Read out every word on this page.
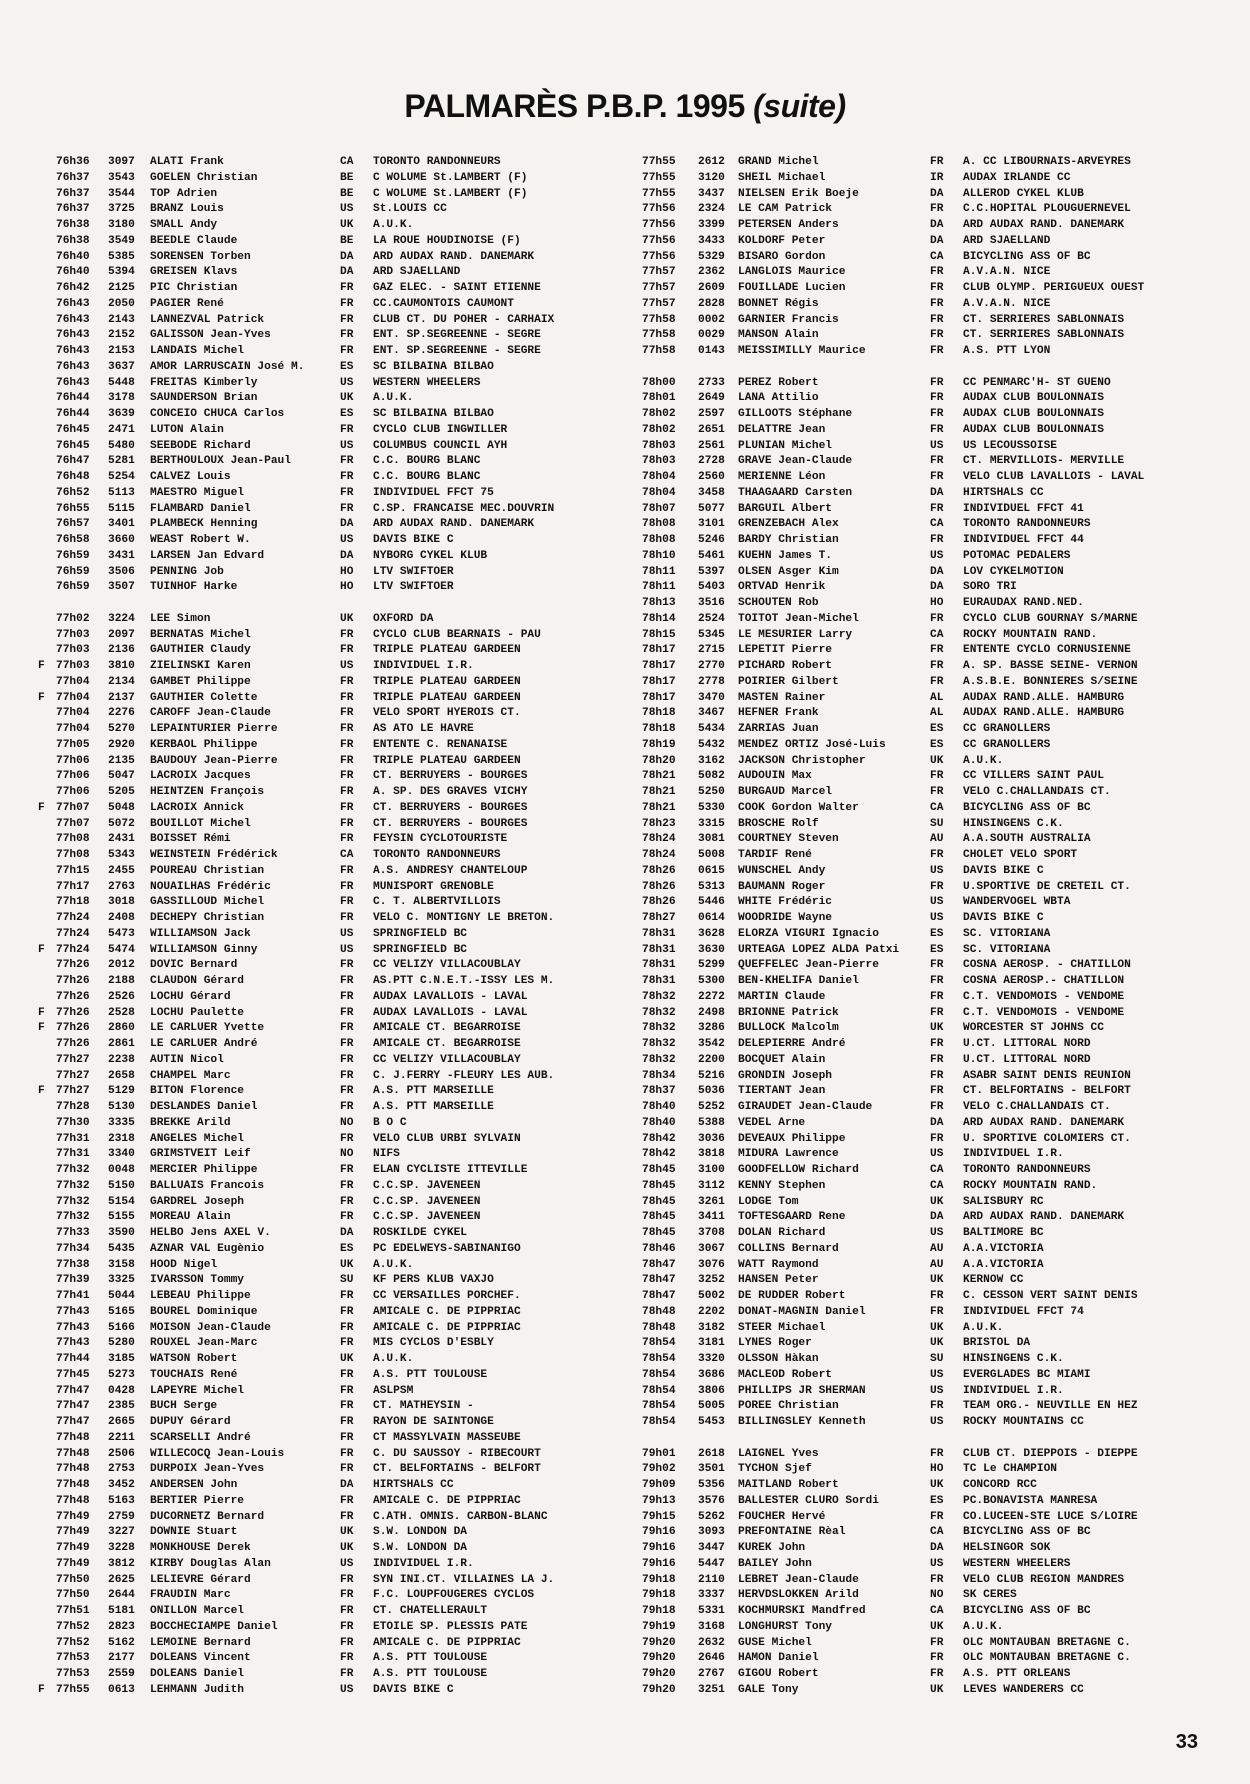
PALMARÈS P.B.P. 1995 (suite)
76h36 3097 ALATI Frank	CA TORONTO RANDONNEURS
76h37 3543 GOELEN Christian	BE C WOLUME St.LAMBERT (F)
76h37 3544 TOP Adrien	BE C WOLUME St.LAMBERT (F)
76h37 3725 BRANZ Louis	US St.LOUIS CC
76h38 3180 SMALL Andy	UK A.U.K.
76h38 3549 BEEDLE Claude	BE LA ROUE HOUDINOISE (F)
76h40 5385 SORENSEN Torben	DA ARD AUDAX RAND. DANEMARK
76h40 5394 GREISEN Klavs	DA ARD SJAELLAND
76h42 2125 PIC Christian	FR GAZ ELEC. - SAINT ETIENNE
76h43 2050 PAGIER René	FR CC.CAUMONTOIS CAUMONT
76h43 2143 LANNEZVAL Patrick	FR CLUB CT. DU POHER - CARHAIX
76h43 2152 GALISSON Jean-Yves	FR ENT. SP.SEGREENNE - SEGRE
76h43 2153 LANDAIS Michel	FR ENT. SP.SEGREENNE - SEGRE
76h43 3637 AMOR LARRUSCAIN José M.	ES SC BILBAINA BILBAO
76h43 5448 FREITAS Kimberly	US WESTERN WHEELERS
76h44 3178 SAUNDERSON Brian	UK A.U.K.
76h44 3639 CONCEIO CHUCA Carlos	ES SC BILBAINA BILBAO
76h45 2471 LUTON Alain	FR CYCLO CLUB INGWILLER
76h45 5480 SEEBODE Richard	US COLUMBUS COUNCIL AYH
76h47 5281 BERTHOULOUX Jean-Paul	FR C.C. BOURG BLANC
76h48 5254 CALVEZ Louis	FR C.C. BOURG BLANC
76h52 5113 MAESTRO Miguel	FR INDIVIDUEL FFCT 75
76h55 5115 FLAMBARD Daniel	FR C.SP. FRANCAISE MEC.DOUVRIN
76h57 3401 PLAMBECK Henning	DA ARD AUDAX RAND. DANEMARK
76h58 3660 WEAST Robert W.	US DAVIS BIKE C
76h59 3431 LARSEN Jan Edvard	DA NYBORG CYKEL KLUB
76h59 3506 PENNING Job	HO LTV SWIFTOER
76h59 3507 TUINHOF Harke	HO LTV SWIFTOER
77h02 3224 LEE Simon	UK OXFORD DA
77h03 2097 BERNATAS Michel	FR CYCLO CLUB BEARNAIS - PAU
77h03 2136 GAUTHIER Claudy	FR TRIPLE PLATEAU GARDEEN
F 77h03 3810 ZIELINSKI Karen	US INDIVIDUEL I.R.
77h04 2134 GAMBET Philippe	FR TRIPLE PLATEAU GARDEEN
F 77h04 2137 GAUTHIER Colette	FR TRIPLE PLATEAU GARDEEN
77h04 2276 CAROFF Jean-Claude	FR VELO SPORT HYEROIS CT.
77h04 5270 LEPAINTURIER Pierre	FR AS ATO LE HAVRE
77h05 2920 KERBAOL Philippe	FR ENTENTE C. RENANAISE
77h06 2135 BAUDOUY Jean-Pierre	FR TRIPLE PLATEAU GARDEEN
77h06 5047 LACROIX Jacques	FR CT. BERRUYERS - BOURGES
77h06 5205 HEINTZEN François	FR A. SP. DES GRAVES VICHY
F 77h07 5048 LACROIX Annick	FR CT. BERRUYERS - BOURGES
77h07 5072 BOUILLOT Michel	FR CT. BERRUYERS - BOURGES
77h08 2431 BOISSET Rémi	FR FEYSIN CYCLOTOURISTE
77h08 5343 WEINSTEIN Frédérick	CA TORONTO RANDONNEURS
77h15 2455 POUREAU Christian	FR A.S. ANDRESY CHANTELOUP
77h17 2763 NOUAILHAS Frédéric	FR MUNISPORT GRENOBLE
77h18 3018 GASSILLOUD Michel	FR C. T. ALBERTVILLOIS
77h24 2408 DECHEPY Christian	FR VELO C. MONTIGNY LE BRETON.
77h24 5473 WILLIAMSON Jack	US SPRINGFIELD BC
F 77h24 5474 WILLIAMSON Ginny	US SPRINGFIELD BC
77h26 2012 DOVIC Bernard	FR CC VELIZY VILLACOUBLAY
77h26 2188 CLAUDON Gérard	FR AS.PTT C.N.E.T.-ISSY LES M.
77h26 2526 LOCHU Gérard	FR AUDAX LAVALLOIS - LAVAL
F 77h26 2528 LOCHU Paulette	FR AUDAX LAVALLOIS - LAVAL
F 77h26 2860 LE CARLUER Yvette	FR AMICALE CT. BEGARROISE
77h26 2861 LE CARLUER André	FR AMICALE CT. BEGARROISE
77h27 2238 AUTIN Nicol	FR CC VELIZY VILLACOUBLAY
77h27 2658 CHAMPEL Marc	FR C. J.FERRY -FLEURY LES AUB.
F 77h27 5129 BITON Florence	FR A.S. PTT MARSEILLE
77h28 5130 DESLANDES Daniel	FR A.S. PTT MARSEILLE
77h30 3335 BREKKE Arild	NO B O C
77h31 2318 ANGELES Michel	FR VELO CLUB URBI SYLVAIN
77h31 3340 GRIMSTVEIT Leif	NO NIFS
77h32 0048 MERCIER Philippe	FR ELAN CYCLISTE ITTEVILLE
77h32 5150 BALLUAIS Francois	FR C.C.SP. JAVENEEN
77h32 5154 GARDREL Joseph	FR C.C.SP. JAVENEEN
77h32 5155 MOREAU Alain	FR C.C.SP. JAVENEEN
77h33 3590 HELBO Jens AXEL V.	DA ROSKILDE CYKEL
77h34 5435 AZNAR VAL Eugènio	ES PC EDELWEYS-SABINANIGO
77h38 3158 HOOD Nigel	UK A.U.K.
77h39 3325 IVARSSON Tommy	SU KF PERS KLUB VAXJO
77h41 5044 LEBEAU Philippe	FR CC VERSAILLES PORCHEF.
77h43 5165 BOUREL Dominique	FR AMICALE C. DE PIPPRIAC
77h43 5166 MOISON Jean-Claude	FR AMICALE C. DE PIPPRIAC
77h43 5280 ROUXEL Jean-Marc	FR MIS CYCLOS D'ESBLY
77h44 3185 WATSON Robert	UK A.U.K.
77h45 5273 TOUCHAIS René	FR A.S. PTT TOULOUSE
77h47 0428 LAPEYRE Michel	FR ASLPSM
77h47 2385 BUCH Serge	FR CT. MATHEYSIN -
77h47 2665 DUPUY Gérard	FR RAYON DE SAINTONGE
77h48 2211 SCARSELLI André	FR CT MASSYLVAIN MASSEUBE
77h48 2506 WILLECOCQ Jean-Louis	FR C. DU SAUSSOY - RIBECOURT
77h48 2753 DURPOIX Jean-Yves	FR CT. BELFORTAINS - BELFORT
77h48 3452 ANDERSEN John	DA HIRTSHALS CC
77h48 5163 BERTIER Pierre	FR AMICALE C. DE PIPPRIAC
77h49 2759 DUCORNETZ Bernard	FR C.ATH. OMNIS. CARBON-BLANC
77h49 3227 DOWNIE Stuart	UK S.W. LONDON DA
77h49 3228 MONKHOUSE Derek	UK S.W. LONDON DA
77h49 3812 KIRBY Douglas Alan	US INDIVIDUEL I.R.
77h50 2625 LELIEVRE Gérard	FR SYN INI.CT. VILLAINES LA J.
77h50 2644 FRAUDIN Marc	FR F.C. LOUPFOUGERES CYCLOS
77h51 5181 ONILLON Marcel	FR CT. CHATELLERAULT
77h52 2823 BOCCHECIAMPE Daniel	FR ETOILE SP. PLESSIS PATE
77h52 5162 LEMOINE Bernard	FR AMICALE C. DE PIPPRIAC
77h53 2177 DOLEANS Vincent	FR A.S. PTT TOULOUSE
77h53 2559 DOLEANS Daniel	FR A.S. PTT TOULOUSE
F 77h55 0613 LEHMANN Judith	US DAVIS BIKE C
77h55 2612 GRAND Michel	FR A. CC LIBOURNAIS-ARVEYRES
77h55 3120 SHEIL Michael	IR AUDAX IRLANDE CC
77h55 3437 NIELSEN Erik Boeje	DA ALLEROD CYKEL KLUB
77h56 2324 LE CAM Patrick	FR C.C.HOPITAL PLOUGUERNEVEL
77h56 3399 PETERSEN Anders	DA ARD AUDAX RAND. DANEMARK
77h56 3433 KOLDORF Peter	DA ARD SJAELLAND
77h56 5329 BISARO Gordon	CA BICYCLING ASS OF BC
77h57 2362 LANGLOIS Maurice	FR A.V.A.N. NICE
77h57 2609 FOUILLADE Lucien	FR CLUB OLYMP. PERIGUEUX OUEST
77h57 2828 BONNET Régis	FR A.V.A.N. NICE
77h58 0002 GARNIER Francis	FR CT. SERRIERES SABLONNAIS
77h58 0029 MANSON Alain	FR CT. SERRIERES SABLONNAIS
77h58 0143 MEISSIMILLY Maurice	FR A.S. PTT LYON
78h00 2733 PEREZ Robert	FR CC PENMARC'H- ST GUENO
78h01 2649 LANA Attilio	FR AUDAX CLUB BOULONNAIS
78h02 2597 GILLOOTS Stéphane	FR AUDAX CLUB BOULONNAIS
78h02 2651 DELATTRE Jean	FR AUDAX CLUB BOULONNAIS
78h03 2561 PLUNIAN Michel	US US LECOUSSOISE
78h03 2728 GRAVE Jean-Claude	FR CT. MERVILLOIS- MERVILLE
78h04 2560 MERIENNE Léon	FR VELO CLUB LAVALLOIS - LAVAL
78h04 3458 THAAGAARD Carsten	DA HIRTSHALS CC
78h07 5077 BARGUIL Albert	FR INDIVIDUEL FFCT 41
78h08 3101 GRENZEBACH Alex	CA TORONTO RANDONNEURS
78h08 5246 BARDY Christian	FR INDIVIDUEL FFCT 44
78h10 5461 KUEHN James T.	US POTOMAC PEDALERS
78h11 5397 OLSEN Asger Kim	DA LOV CYKELMOTION
78h11 5403 ORTVAD Henrik	DA SORO TRI
78h13 3516 SCHOUTEN Rob	HO EURAUDAX RAND.NED.
78h14 2524 TOITOT Jean-Michel	FR CYCLO CLUB GOURNAY S/MARNE
78h15 5345 LE MESURIER Larry	CA ROCKY MOUNTAIN RAND.
78h17 2715 LEPETIT Pierre	FR ENTENTE CYCLO CORNUSIENNE
78h17 2770 PICHARD Robert	FR A. SP. BASSE SEINE- VERNON
78h17 2778 POIRIER Gilbert	FR A.S.B.E. BONNIERES S/SEINE
78h17 3470 MASTEN Rainer	AL AUDAX RAND.ALLE. HAMBURG
78h18 3467 HEFNER Frank	AL AUDAX RAND.ALLE. HAMBURG
78h18 5434 ZARRIAS Juan	ES CC GRANOLLERS
78h19 5432 MENDEZ ORTIZ José-Luis	ES CC GRANOLLERS
78h20 3162 JACKSON Christopher	UK A.U.K.
78h21 5082 AUDOUIN Max	FR CC VILLERS SAINT PAUL
78h21 5250 BURGAUD Marcel	FR VELO C.CHALLANDAIS CT.
78h21 5330 COOK Gordon Walter	CA BICYCLING ASS OF BC
78h23 3315 BROSCHE Rolf	SU HINSINGENS C.K.
78h24 3081 COURTNEY Steven	AU A.A.SOUTH AUSTRALIA
78h24 5008 TARDIF René	FR CHOLET VELO SPORT
78h26 0615 WUNSCHEL Andy	US DAVIS BIKE C
78h26 5313 BAUMANN Roger	FR U.SPORTIVE DE CRETEIL CT.
78h26 5446 WHITE Frédéric	US WANDERVOGEL WBTA
78h27 0614 WOODRIDE Wayne	US DAVIS BIKE C
78h31 3628 ELORZA VIGURI Ignacio	ES SC. VITORIANA
78h31 3630 URTEAGA LOPEZ ALDA Patxi	ES SC. VITORIANA
78h31 5299 QUEFFELEC Jean-Pierre	FR COSNA AEROSP. - CHATILLON
78h31 5300 BEN-KHELIFA Daniel	FR COSNA AEROSP.- CHATILLON
78h32 2272 MARTIN Claude	FR C.T. VENDOMOIS - VENDOME
78h32 2498 BRIONNE Patrick	FR C.T. VENDOMOIS - VENDOME
78h32 3286 BULLOCK Malcolm	UK WORCESTER ST JOHNS CC
78h32 3542 DELEPIERRE André	FR U.CT. LITTORAL NORD
78h32 2200 BOCQUET Alain	FR U.CT. LITTORAL NORD
78h34 5216 GRONDIN Joseph	FR ASABR SAINT DENIS REUNION
78h37 5036 TIERTANT Jean	FR CT. BELFORTAINS - BELFORT
78h40 5252 GIRAUDET Jean-Claude	FR VELO C.CHALLANDAIS CT.
78h40 5388 VEDEL Arne	DA ARD AUDAX RAND. DANEMARK
78h42 3036 DEVEAUX Philippe	FR U. SPORTIVE COLOMIERS CT.
78h42 3818 MIDURA Lawrence	US INDIVIDUEL I.R.
78h45 3100 GOODFELLOW Richard	CA TORONTO RANDONNEURS
78h45 3112 KENNY Stephen	CA ROCKY MOUNTAIN RAND.
78h45 3261 LODGE Tom	UK SALISBURY RC
78h45 3411 TOFTESGAARD Rene	DA ARD AUDAX RAND. DANEMARK
78h45 3708 DOLAN Richard	US BALTIMORE BC
78h46 3067 COLLINS Bernard	AU A.A.VICTORIA
78h47 3076 WATT Raymond	AU A.A.VICTORIA
78h47 3252 HANSEN Peter	UK KERNOW CC
78h47 5002 DE RUDDER Robert	FR C. CESSON VERT SAINT DENIS
78h48 2202 DONAT-MAGNIN Daniel	FR INDIVIDUEL FFCT 74
78h48 3182 STEER Michael	UK A.U.K.
78h54 3181 LYNES Roger	UK BRISTOL DA
78h54 3320 OLSSON Hàkan	SU HINSINGENS C.K.
78h54 3686 MACLEOD Robert	US EVERGLADES BC MIAMI
78h54 3806 PHILLIPS JR SHERMAN	US INDIVIDUEL I.R.
78h54 5005 POREE Christian	FR TEAM ORG.- NEUVILLE EN HEZ
78h54 5453 BILLINGSLEY Kenneth	US ROCKY MOUNTAINS CC
79h01 2618 LAIGNEL Yves	FR CLUB CT. DIEPPOIS - DIEPPE
79h02 3501 TYCHON Sjef	HO TC Le CHAMPION
79h09 5356 MAITLAND Robert	UK CONCORD RCC
79h13 3576 BALLESTER CLURO Sordi	ES PC.BONAVISTA MANRESA
79h15 5262 FOUCHER Hervé	FR CO.LUCEEN-STE LUCE S/LOIRE
79h16 3093 PREFONTAINE Rèal	CA BICYCLING ASS OF BC
79h16 3447 KUREK John	DA HELSINGOR SOK
79h16 5447 BAILEY John	US WESTERN WHEELERS
79h18 2110 LEBRET Jean-Claude	FR VELO CLUB REGION MANDRES
79h18 3337 HERVDSLOKKEN Arild	NO SK CERES
79h18 5331 KOCHMURSKI Mandfred	CA BICYCLING ASS OF BC
79h19 3168 LONGHURST Tony	UK A.U.K.
79h20 2632 GUSE Michel	FR OLC MONTAUBAN BRETAGNE C.
79h20 2646 HAMON Daniel	FR OLC MONTAUBAN BRETAGNE C.
79h20 2767 GIGOU Robert	FR A.S. PTT ORLEANS
79h20 3251 GALE Tony	UK LEVES WANDERERS CC
33
